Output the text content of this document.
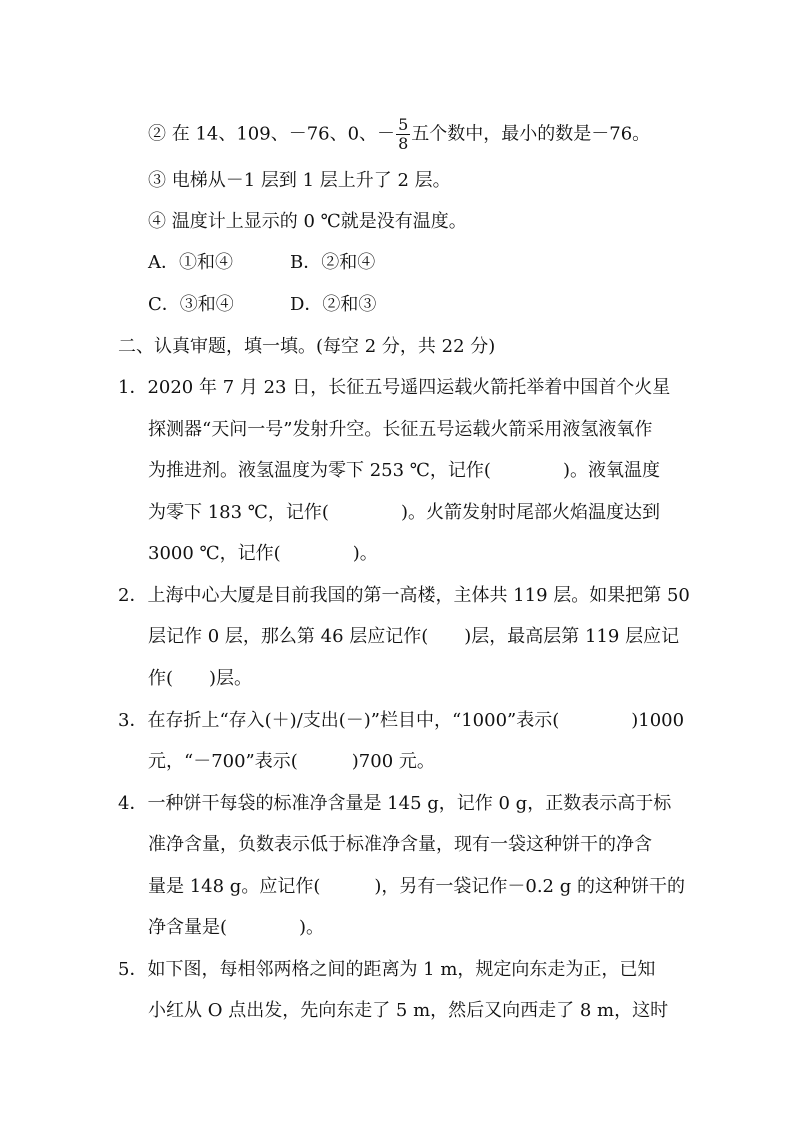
② 在 14、109、－76、0、－ $\frac{5}{8}$ 五个数中，最小的数是－76。
③ 电梯从－1 层到 1 层上升了 2 层。
④ 温度计上显示的 0 ℃就是没有温度。
A．①和④	B．②和④
C．③和④	D．②和③
二、认真审题，填一填。(每空 2 分，共 22 分)
1．2020 年 7 月 23 日，长征五号遥四运载火箭托举着中国首个火星
探测器“天问一号”发射升空。长征五号运载火箭采用液氢液氧作
为推进剂。液氢温度为零下 253 ℃，记作(　　　　)。液氧温度
为零下 183 ℃，记作(　　　　)。火箭发射时尾部火焰温度达到
3000 ℃，记作(　　　　)。
2．上海中心大厦是目前我国的第一高楼，主体共 119 层。如果把第 50
层记作 0 层，那么第 46 层应记作(　　)层，最高层第 119 层应记
作(　　)层。
3．在存折上“存入(＋)/支出(－)”栏目中，“1000”表示(　　　　)1000
元，“－700”表示(　　　)700 元。
4．一种饼干每袋的标准净含量是 145 g，记作 0 g，正数表示高于标
准净含量，负数表示低于标准净含量，现有一袋这种饼干的净含
量是 148 g。应记作(　　　)，另有一袋记作－0.2 g 的这种饼干的
净含量是(　　　　)。
5．如下图，每相邻两格之间的距离为 1 m，规定向东走为正，已知
小红从 O 点出发，先向东走了 5 m，然后又向西走了 8 m，这时
